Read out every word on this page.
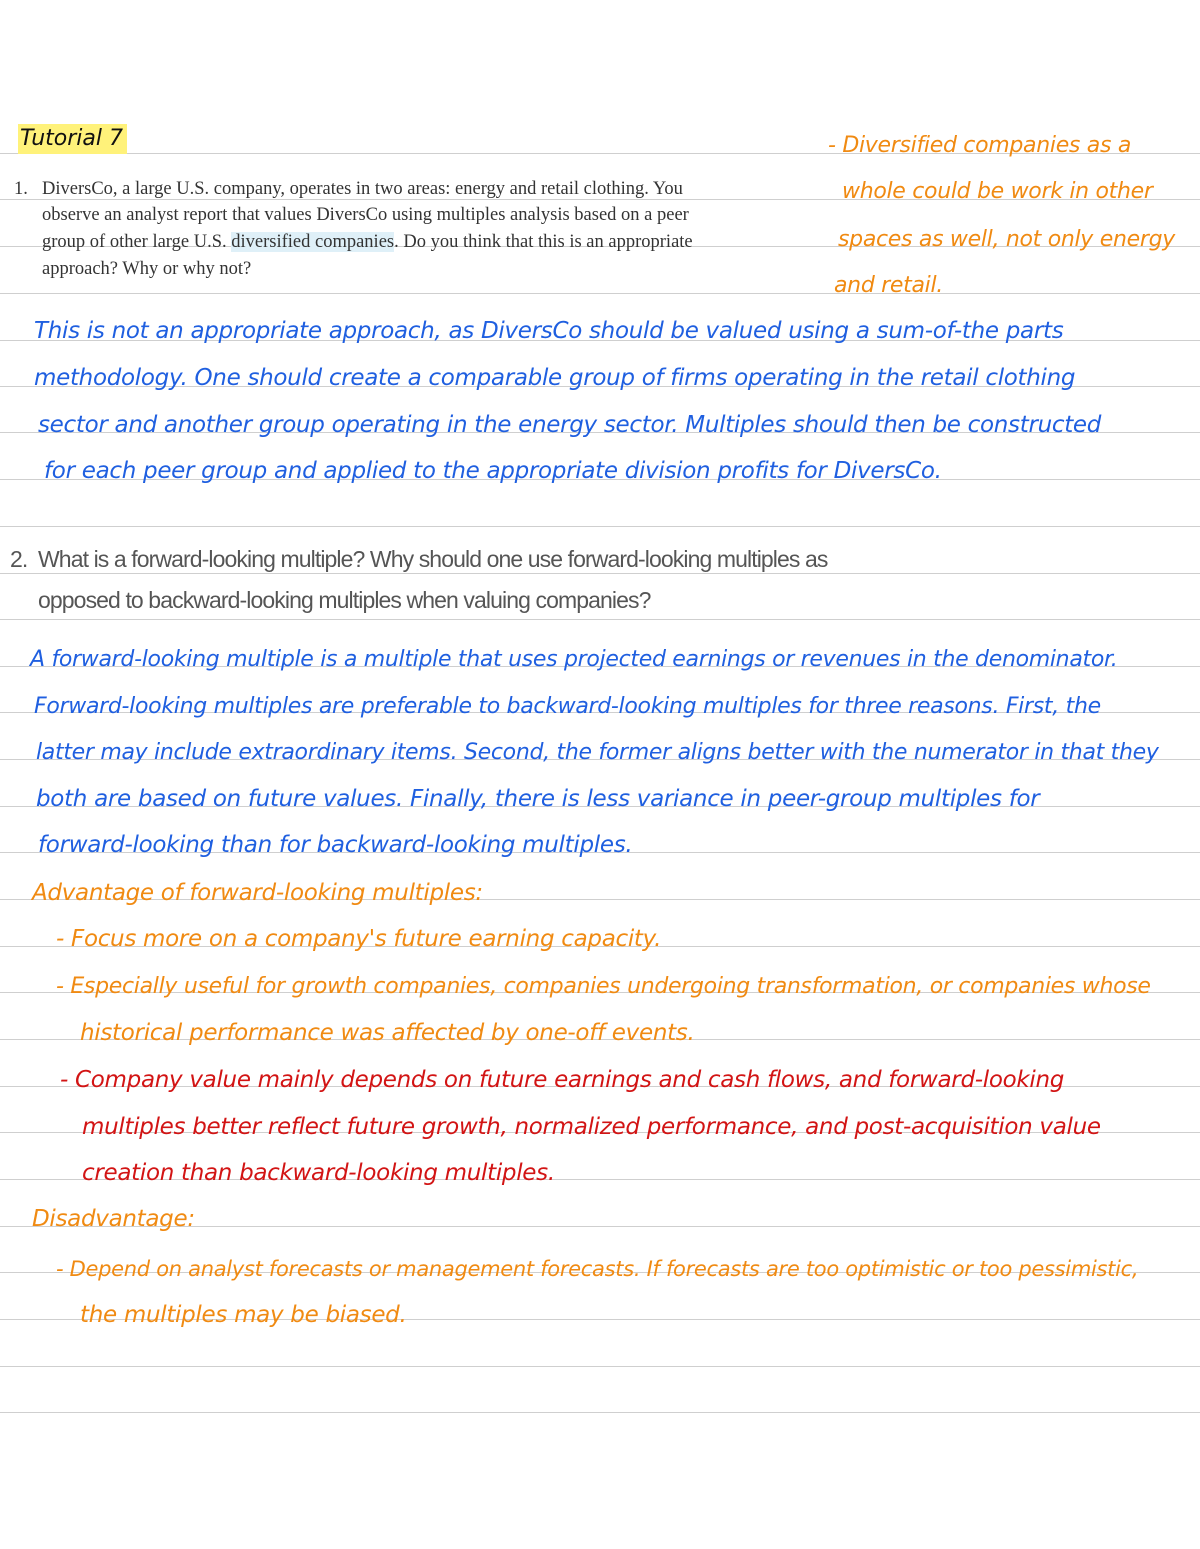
Tutorial 7
1. DiversCo, a large U.S. company, operates in two areas: energy and retail clothing. You
observe an analyst report that values DiversCo using multiples analysis based on a peer
group of other large U.S. diversified companies. Do you think that this is an appropriate
approach? Why or why not?
- Diversified companies as a
whole could be work in other
spaces as well, not only energy
and retail.
This is not an appropriate approach, as DiversCo should be valued using a sum-of-the parts
methodology. One should create a comparable group of firms operating in the retail clothing
sector and another group operating in the energy sector. Multiples should then be constructed
for each peer group and applied to the appropriate division profits for DiversCo.
2. What is a forward-looking multiple? Why should one use forward-looking multiples as
opposed to backward-looking multiples when valuing companies?
A forward-looking multiple is a multiple that uses projected earnings or revenues in the denominator.
Forward-looking multiples are preferable to backward-looking multiples for three reasons. First, the
latter may include extraordinary items. Second, the former aligns better with the numerator in that they
both are based on future values. Finally, there is less variance in peer-group multiples for
forward-looking than for backward-looking multiples.
Advantage of forward-looking multiples:
- Focus more on a company's future earning capacity.
- Especially useful for growth companies, companies undergoing transformation, or companies whose
historical performance was affected by one-off events.
- Company value mainly depends on future earnings and cash flows, and forward-looking
multiples better reflect future growth, normalized performance, and post-acquisition value
creation than backward-looking multiples.
Disadvantage:
- Depend on analyst forecasts or management forecasts. If forecasts are too optimistic or too pessimistic,
the multiples may be biased.
